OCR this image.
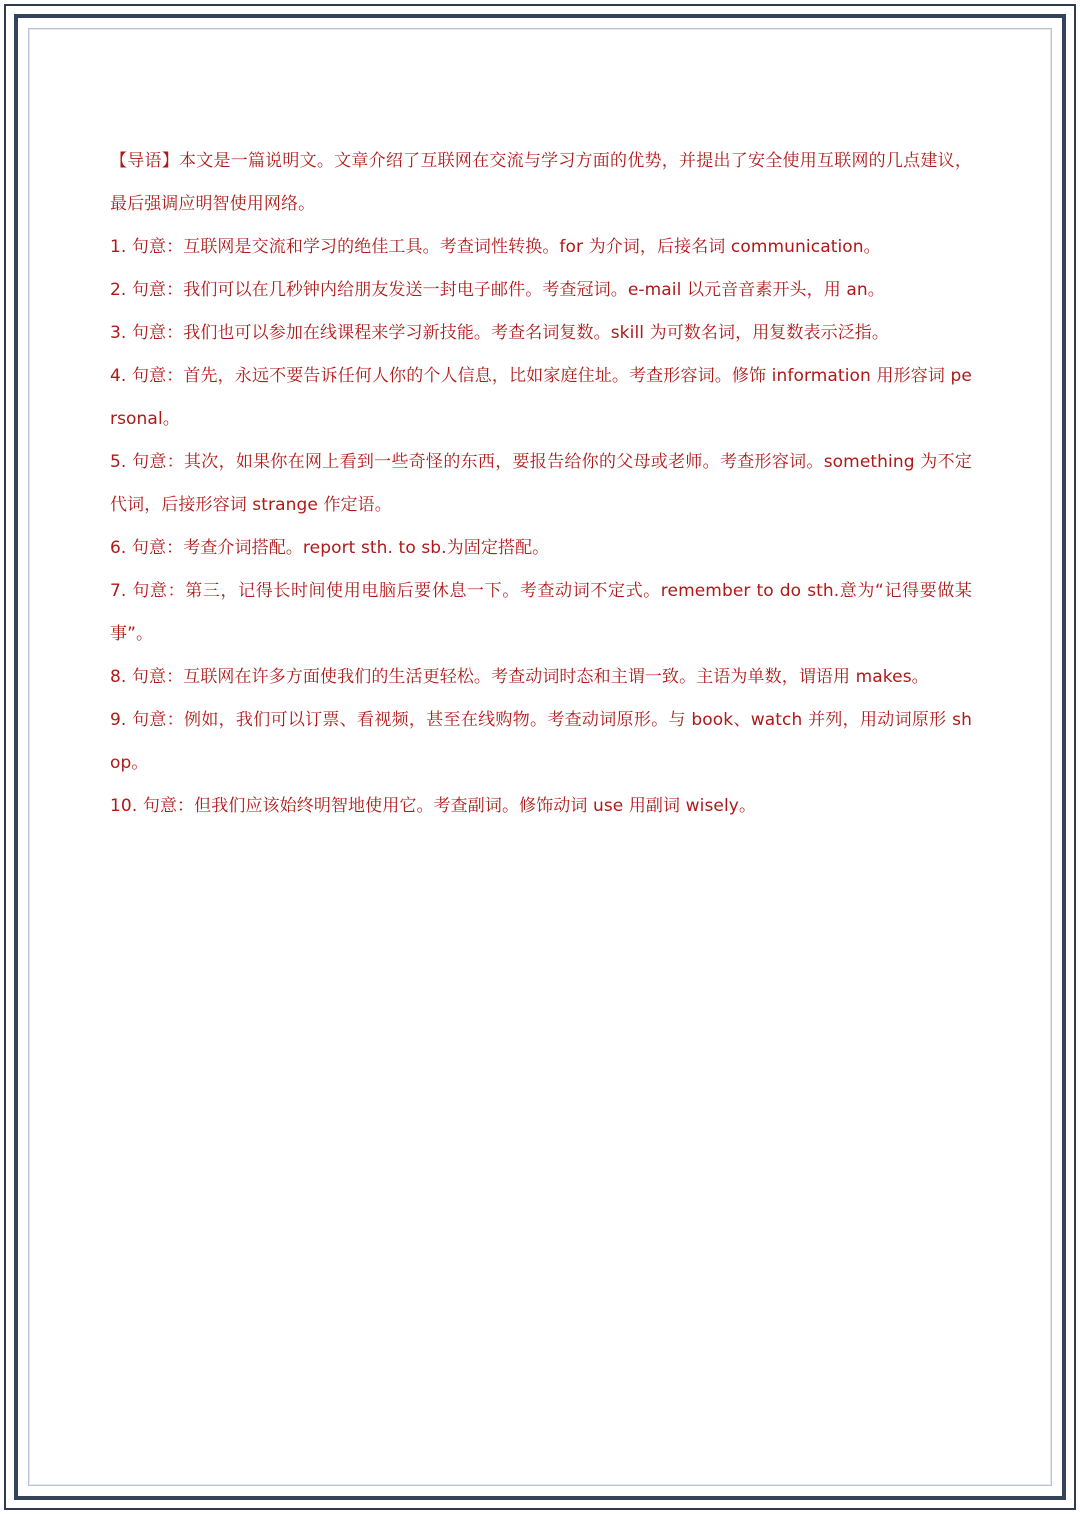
【导语】本文是一篇说明文。文章介绍了互联网在交流与学习方面的优势，并提出了安全使用互联网的几点建议，最后强调应明智使用网络。

1. 句意：互联网是交流和学习的绝佳工具。考查词性转换。for 为介词，后接名词 communication。

2. 句意：我们可以在几秒钟内给朋友发送一封电子邮件。考查冠词。e-mail 以元音音素开头，用 an。

3. 句意：我们也可以参加在线课程来学习新技能。考查名词复数。skill 为可数名词，用复数表示泛指。

4. 句意：首先，永远不要告诉任何人你的个人信息，比如家庭住址。考查形容词。修饰 information 用形容词 personal。

5. 句意：其次，如果你在网上看到一些奇怪的东西，要报告给你的父母或老师。考查形容词。something 为不定代词，后接形容词 strange 作定语。

6. 句意：考查介词搭配。report sth. to sb.为固定搭配。

7. 句意：第三，记得长时间使用电脑后要休息一下。考查动词不定式。remember to do sth.意为“记得要做某事”。

8. 句意：互联网在许多方面使我们的生活更轻松。考查动词时态和主谓一致。主语为单数，谓语用 makes。

9. 句意：例如，我们可以订票、看视频，甚至在线购物。考查动词原形。与 book、watch 并列，用动词原形 shop。

10. 句意：但我们应该始终明智地使用它。考查副词。修饰动词 use 用副词 wisely。
